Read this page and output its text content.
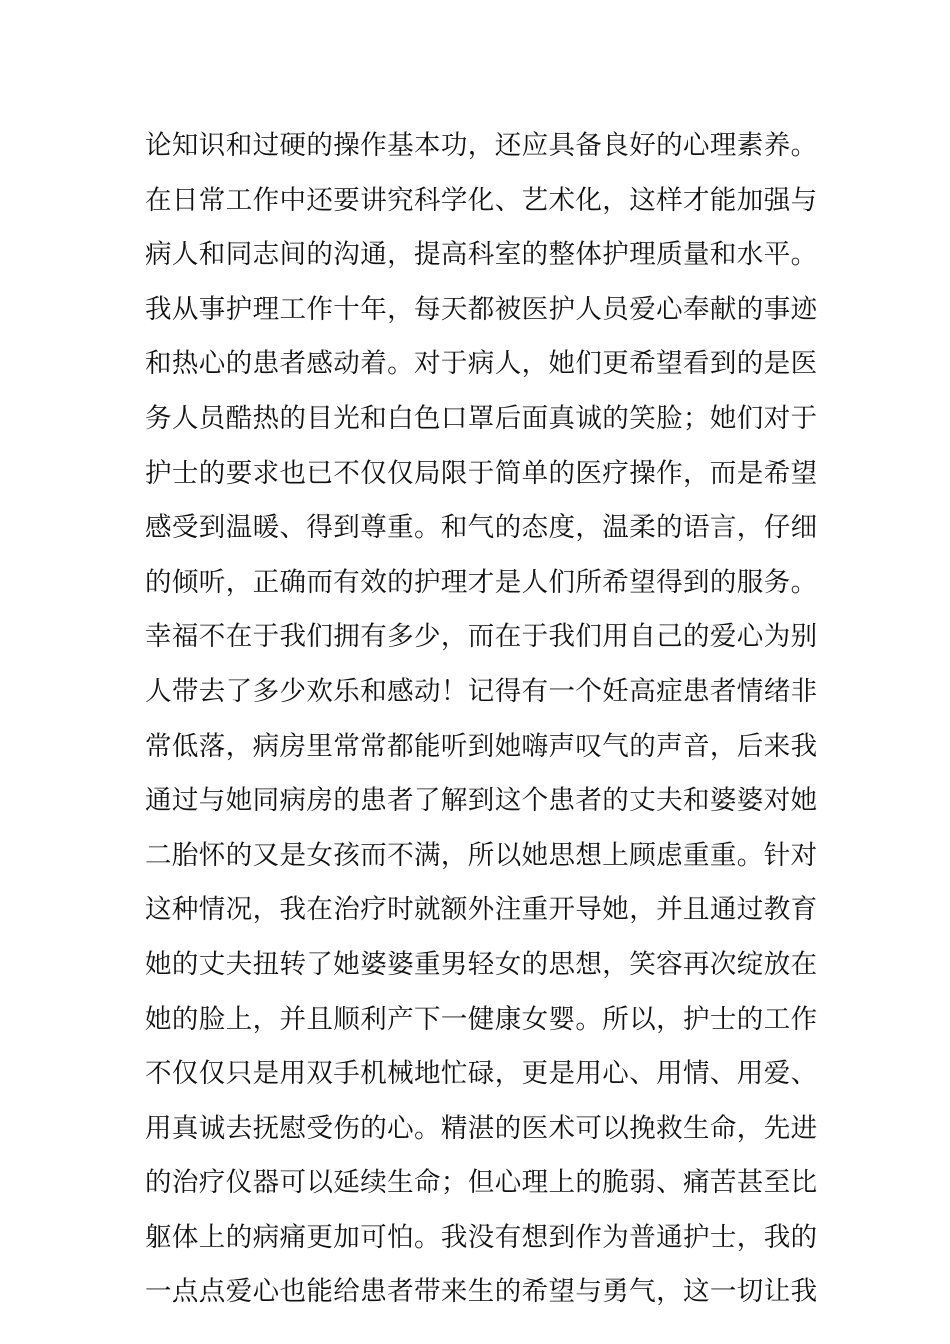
论知识和过硬的操作基本功，还应具备良好的心理素养。
在日常工作中还要讲究科学化、艺术化，这样才能加强与
病人和同志间的沟通，提高科室的整体护理质量和水平。
我从事护理工作十年，每天都被医护人员爱心奉献的事迹
和热心的患者感动着。对于病人，她们更希望看到的是医
务人员酷热的目光和白色口罩后面真诚的笑脸；她们对于
护士的要求也已不仅仅局限于简单的医疗操作，而是希望
感受到温暖、得到尊重。和气的态度，温柔的语言，仔细
的倾听，正确而有效的护理才是人们所希望得到的服务。
幸福不在于我们拥有多少，而在于我们用自己的爱心为别
人带去了多少欢乐和感动！记得有一个妊高症患者情绪非
常低落，病房里常常都能听到她嗨声叹气的声音，后来我
通过与她同病房的患者了解到这个患者的丈夫和婆婆对她
二胎怀的又是女孩而不满，所以她思想上顾虑重重。针对
这种情况，我在治疗时就额外注重开导她，并且通过教育
她的丈夫扭转了她婆婆重男轻女的思想，笑容再次绽放在
她的脸上，并且顺利产下一健康女婴。所以，护士的工作
不仅仅只是用双手机械地忙碌，更是用心、用情、用爱、
用真诚去抚慰受伤的心。精湛的医术可以挽救生命，先进
的治疗仪器可以延续生命；但心理上的脆弱、痛苦甚至比
躯体上的病痛更加可怕。我没有想到作为普通护士，我的
一点点爱心也能给患者带来生的希望与勇气，这一切让我
